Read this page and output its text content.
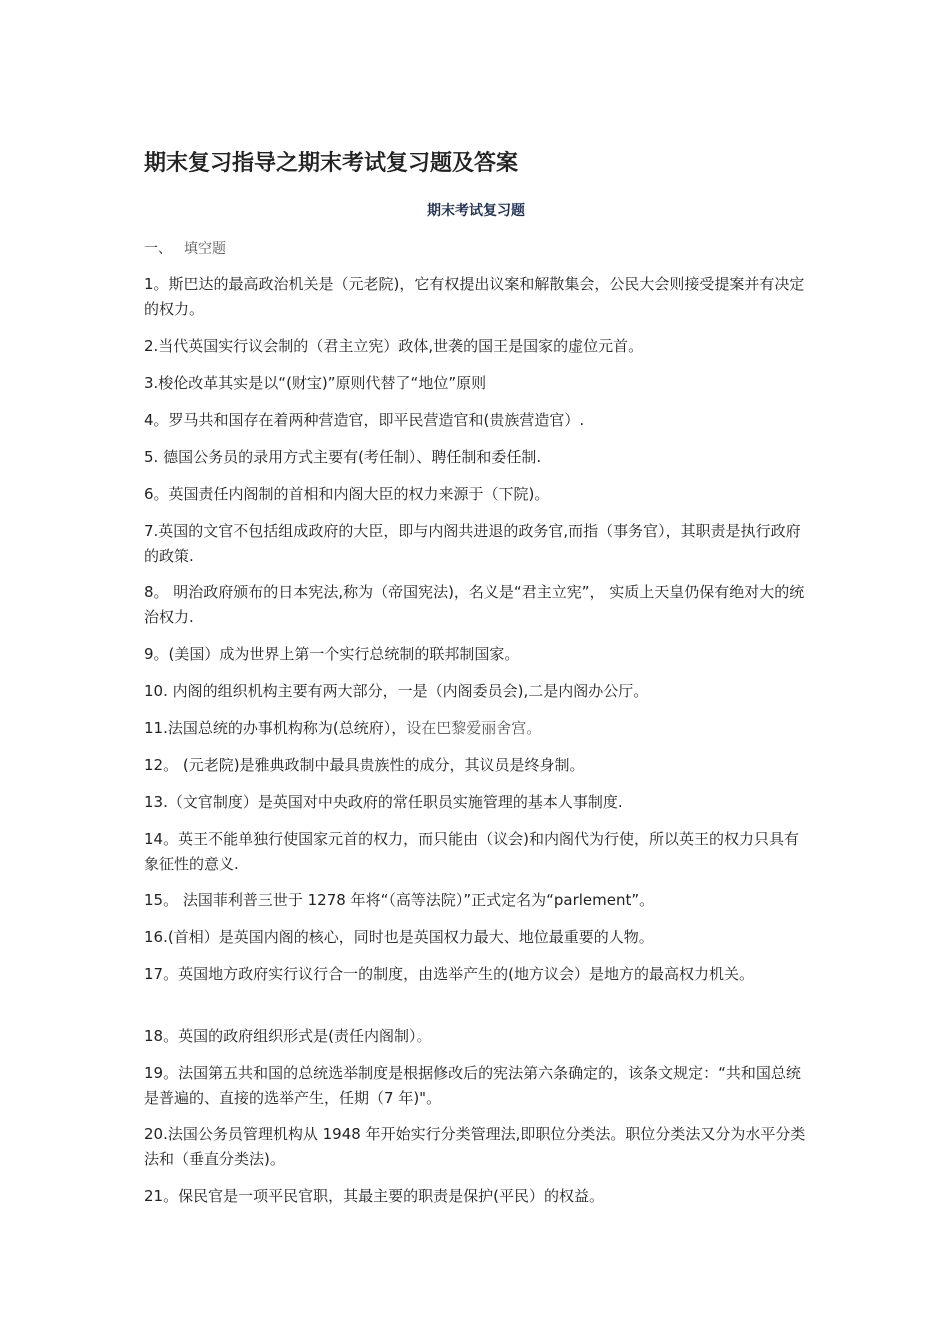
期末复习指导之期末考试复习题及答案
期末考试复习题
一、 填空题

1。斯巴达的最高政治机关是（元老院)，它有权提出议案和解散集会，公民大会则接受提案并有决定的权力。

2.当代英国实行议会制的（君主立宪）政体,世袭的国王是国家的虚位元首。

3.梭伦改革其实是以“(财宝)”原则代替了“地位”原则

4。罗马共和国存在着两种营造官，即平民营造官和(贵族营造官）.

5. 德国公务员的录用方式主要有(考任制）、聘任制和委任制.

6。英国责任内阁制的首相和内阁大臣的权力来源于（下院)。

7.英国的文官不包括组成政府的大臣，即与内阁共进退的政务官,而指（事务官），其职责是执行政府的政策.

8。 明治政府颁布的日本宪法,称为（帝国宪法)，名义是“君主立宪”， 实质上天皇仍保有绝对大的统治权力.

9。(美国）成为世界上第一个实行总统制的联邦制国家。

10. 内阁的组织机构主要有两大部分，一是（内阁委员会),二是内阁办公厅。

11.法国总统的办事机构称为(总统府），设在巴黎爱丽舍宫。

12。 (元老院)是雅典政制中最具贵族性的成分，其议员是终身制。

13.（文官制度）是英国对中央政府的常任职员实施管理的基本人事制度.

14。英王不能单独行使国家元首的权力，而只能由（议会)和内阁代为行使，所以英王的权力只具有象征性的意义.

15。 法国菲利普三世于 1278 年将“（高等法院）”正式定名为“parlement”。

16.(首相）是英国内阁的核心，同时也是英国权力最大、地位最重要的人物。

17。英国地方政府实行议行合一的制度，由选举产生的(地方议会）是地方的最高权力机关。

18。英国的政府组织形式是(责任内阁制）。

19。法国第五共和国的总统选举制度是根据修改后的宪法第六条确定的，该条文规定：“共和国总统是普遍的、直接的选举产生，任期（7 年)"。

20.法国公务员管理机构从 1948 年开始实行分类管理法,即职位分类法。职位分类法又分为水平分类法和（垂直分类法)。

21。保民官是一项平民官职，其最主要的职责是保护(平民）的权益。
